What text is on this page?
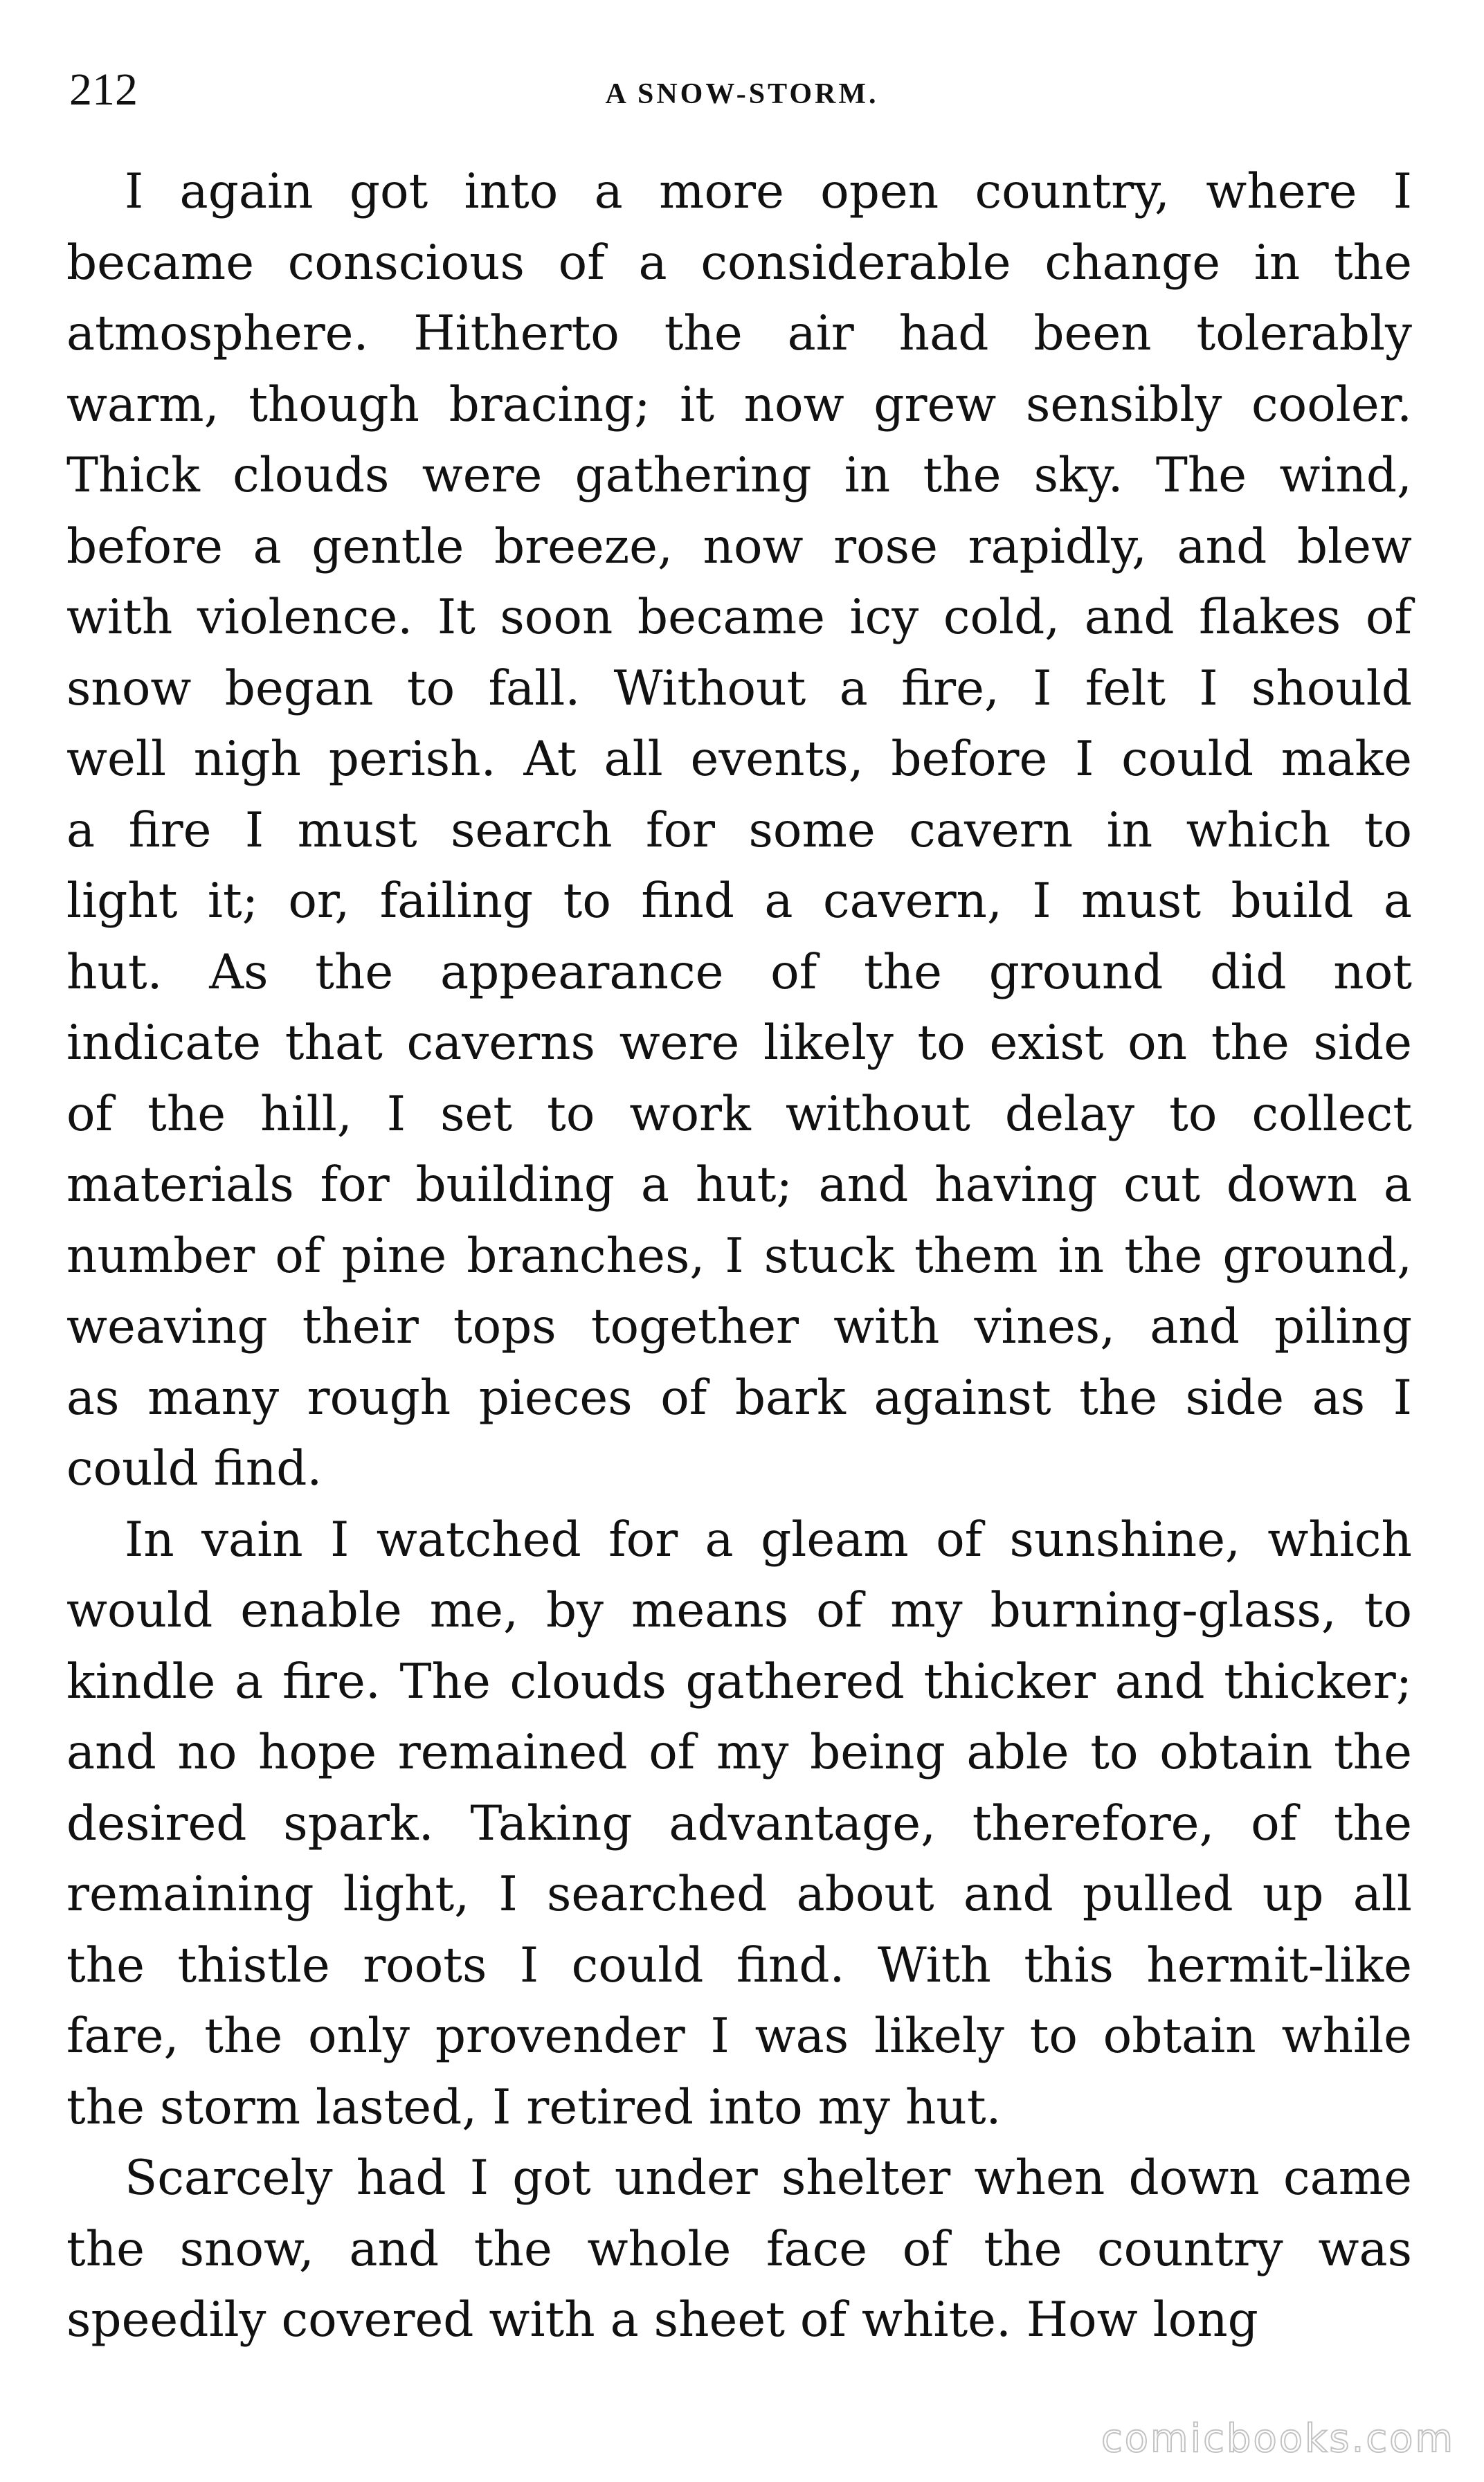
212	A SNOW-STORM.
I again got into a more open country, where I
became conscious of a considerable change in the
atmosphere. Hitherto the air had been tolerably
warm, though bracing; it now grew sensibly cooler.
Thick clouds were gathering in the sky. The wind,
before a gentle breeze, now rose rapidly, and blew
with violence. It soon became icy cold, and flakes of
snow began to fall. Without a fire, I felt I should
well nigh perish. At all events, before I could make
a fire I must search for some cavern in which to
light it; or, failing to find a cavern, I must build a
hut. As the appearance of the ground did not
indicate that caverns were likely to exist on the side
of the hill, I set to work without delay to collect
materials for building a hut; and having cut down a
number of pine branches, I stuck them in the ground,
weaving their tops together with vines, and piling
as many rough pieces of bark against the side as I
could find.
In vain I watched for a gleam of sunshine, which
would enable me, by means of my burning-glass, to
kindle a fire. The clouds gathered thicker and thicker;
and no hope remained of my being able to obtain the
desired spark. Taking advantage, therefore, of the
remaining light, I searched about and pulled up all
the thistle roots I could find. With this hermit-like
fare, the only provender I was likely to obtain while
the storm lasted, I retired into my hut.
Scarcely had I got under shelter when down came
the snow, and the whole face of the country was
speedily covered with a sheet of white. How long
comicbooks.com
